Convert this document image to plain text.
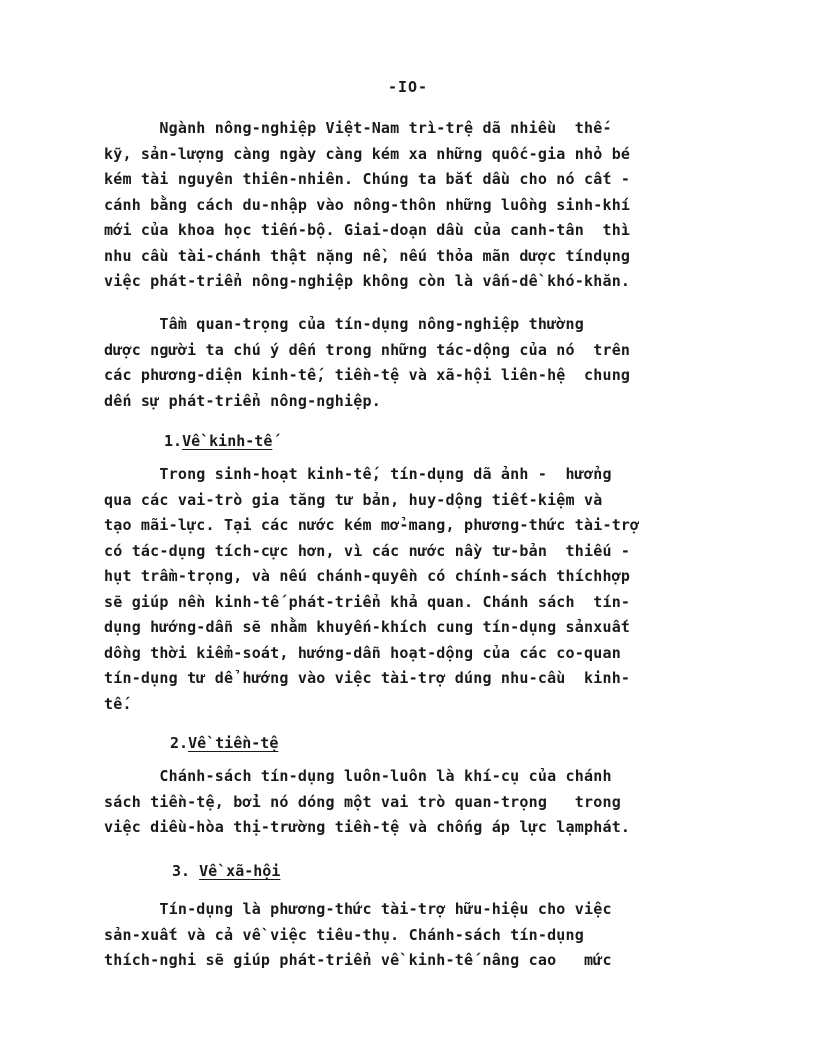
-IO-
Ngành nông-nghiệp Việt-Nam trì-trệ dã nhiều  thế-
kỹ, sản-lượng càng ngày càng kém xa những quốc-gia nhỏ bé
kém tài nguyên thiên-nhiên. Chúng ta bắt dầu cho nó cất -
cánh bằng cách du-nhập vào nông-thôn những luồng sinh-khí
mới của khoa học tiến-bộ. Giai-doạn dầu của canh-tân  thì
nhu cầu tài-chánh thật nặng nề, nếu thỏa mãn dược tíndụng
việc phát-triển nông-nghiệp không còn là vấn-dề khó-khăn.
Tầm quan-trọng của tín-dụng nông-nghiệp thường
dược người ta chú ý dến trong những tác-dộng của nó  trên
các phương-diện kinh-tế, tiền-tệ và xã-hội liên-hệ  chung
dến sự phát-triển nông-nghiệp.
1.Về kinh-tế
Trong sinh-hoạt kinh-tế, tín-dụng dã ảnh -  hưởng
qua các vai-trò gia tăng tư bản, huy-dộng tiết-kiệm và
tạo mãi-lực. Tại các nước kém mở-mang, phương-thức tài-trợ
có tác-dụng tích-cực hơn, vì các nước nầy tư-bản  thiếu -
hụt trầm-trọng, và nếu chánh-quyền có chính-sách thíchhợp
sẽ giúp nền kinh-tế phát-triển khả quan. Chánh sách  tín-
dụng hướng-dẫn sẽ nhằm khuyến-khích cung tín-dụng sảnxuất
dồng thời kiểm-soát, hướng-dẫn hoạt-dộng của các co-quan
tín-dụng tư dể hướng vào việc tài-trợ dúng nhu-cầu  kinh-
tế.
2.Về tiền-tệ
Chánh-sách tín-dụng luôn-luôn là khí-cụ của chánh
sách tiền-tệ, bởi nó dóng một vai trò quan-trọng   trong
việc diều-hòa thị-trường tiền-tệ và chống áp lực lạmphát.
3. Về xã-hội
Tín-dụng là phương-thức tài-trợ hữu-hiệu cho việc
sản-xuất và cả về việc tiêu-thụ. Chánh-sách tín-dụng
thích-nghi sẽ giúp phát-triển về kinh-tế nâng cao   mức
